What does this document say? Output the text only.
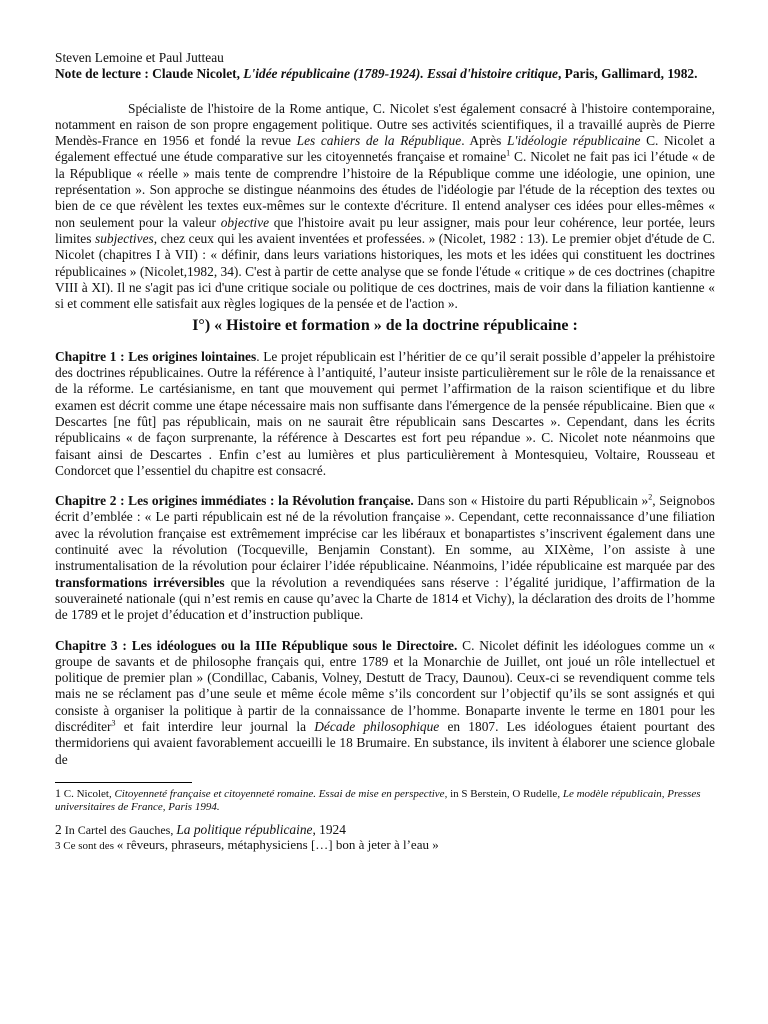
Steven Lemoine et Paul Jutteau

Note de lecture : Claude Nicolet, L'idée républicaine (1789-1924). Essai d'histoire critique, Paris, Gallimard, 1982.

Spécialiste de l'histoire de la Rome antique, C. Nicolet s'est également consacré à l'histoire contemporaine, notamment en raison de son propre engagement politique. Outre ses activités scientifiques, il a travaillé auprès de Pierre Mendès-France en 1956 et fondé la revue Les cahiers de la République. Après L'idéologie républicaine C. Nicolet a également effectué une étude comparative sur les citoyennetés française et romaine$^1$ C. Nicolet ne fait pas ici l’étude « de la République « réelle » mais tente de comprendre l’histoire de la République comme une idéologie, une opinion, une représentation ». Son approche se distingue néanmoins des études de l'idéologie par l'étude de la réception des textes ou bien de ce que révèlent les textes eux-mêmes sur le contexte d'écriture. Il entend analyser ces idées pour elles-mêmes « non seulement pour la valeur objective que l'histoire avait pu leur assigner, mais pour leur cohérence, leur portée, leurs limites subjectives, chez ceux qui les avaient inventées et professées. » (Nicolet, 1982 : 13). Le premier objet d'étude de C. Nicolet (chapitres I à VII) : « définir, dans leurs variations historiques, les mots et les idées qui constituent les doctrines républicaines » (Nicolet,1982, 34). C'est à partir de cette analyse que se fonde l'étude « critique » de ces doctrines (chapitre VIII à XI). Il ne s'agit pas ici d'une critique sociale ou politique de ces doctrines, mais de voir dans la filiation kantienne « si et comment elle satisfait aux règles logiques de la pensée et de l'action ».

I°) « Histoire et formation » de la doctrine républicaine :

Chapitre 1 : Les origines lointaines. Le projet républicain est l’héritier de ce qu’il serait possible d’appeler la préhistoire des doctrines républicaines. Outre la référence à l’antiquité, l’auteur insiste particulièrement sur le rôle de la renaissance et de la réforme. Le cartésianisme, en tant que mouvement qui permet l’affirmation de la raison scientifique et du libre examen est décrit comme une étape nécessaire mais non suffisante dans l'émergence de la pensée républicaine. Bien que « Descartes [ne fût] pas républicain, mais on ne saurait être républicain sans Descartes ». Cependant, dans les écrits républicains « de façon surprenante, la référence à Descartes est fort peu répandue ». C. Nicolet note néanmoins que faisant ainsi de Descartes . Enfin c’est au lumières et plus particulièrement à Montesquieu, Voltaire, Rousseau et Condorcet que l’essentiel du chapitre est consacré.

Chapitre 2 : Les origines immédiates : la Révolution française. Dans son « Histoire du parti Républicain »$^2$, Seignobos écrit d’emblée : « Le parti républicain est né de la révolution française ». Cependant, cette reconnaissance d’une filiation avec la révolution française est extrêmement imprécise car les libéraux et bonapartistes s’inscrivent également dans une continuité avec la révolution (Tocqueville, Benjamin Constant). En somme, au XIXème, l’on assiste à une instrumentalisation de la révolution pour éclairer l’idée républicaine. Néanmoins, l’idée républicaine est marquée par des transformations irréversibles que la révolution a revendiquées sans réserve : l’égalité juridique, l’affirmation de la souveraineté nationale (qui n’est remis en cause qu’avec la Charte de 1814 et Vichy), la déclaration des droits de l’homme de 1789 et le projet d’éducation et d’instruction publique.

Chapitre 3 : Les idéologues ou la IIIe République sous le Directoire. C. Nicolet définit les idéologues comme un « groupe de savants et de philosophe français qui, entre 1789 et la Monarchie de Juillet, ont joué un rôle intellectuel et politique de premier plan » (Condillac, Cabanis, Volney, Destutt de Tracy, Daunou). Ceux-ci se revendiquent comme tels mais ne se réclament pas d’une seule et même école même s’ils concordent sur l’objectif qu’ils se sont assignés et qui consiste à organiser la politique à partir de la connaissance de l’homme. Bonaparte invente le terme en 1801 pour les discréditer$^3$ et fait interdire leur journal la Décade philosophique en 1807. Les idéologues étaient pourtant des thermidoriens qui avaient favorablement accueilli le 18 Brumaire. En substance, ils invitent à élaborer une science globale de

1 C. Nicolet, Citoyenneté française et citoyenneté romaine. Essai de mise en perspective, in S Berstein, O Rudelle, Le modèle républicain, Presses universitaires de France, Paris 1994.

2 In Cartel des Gauches, La politique républicaine, 1924

3 Ce sont des « rêveurs, phraseurs, métaphysiciens […] bon à jeter à l’eau »
